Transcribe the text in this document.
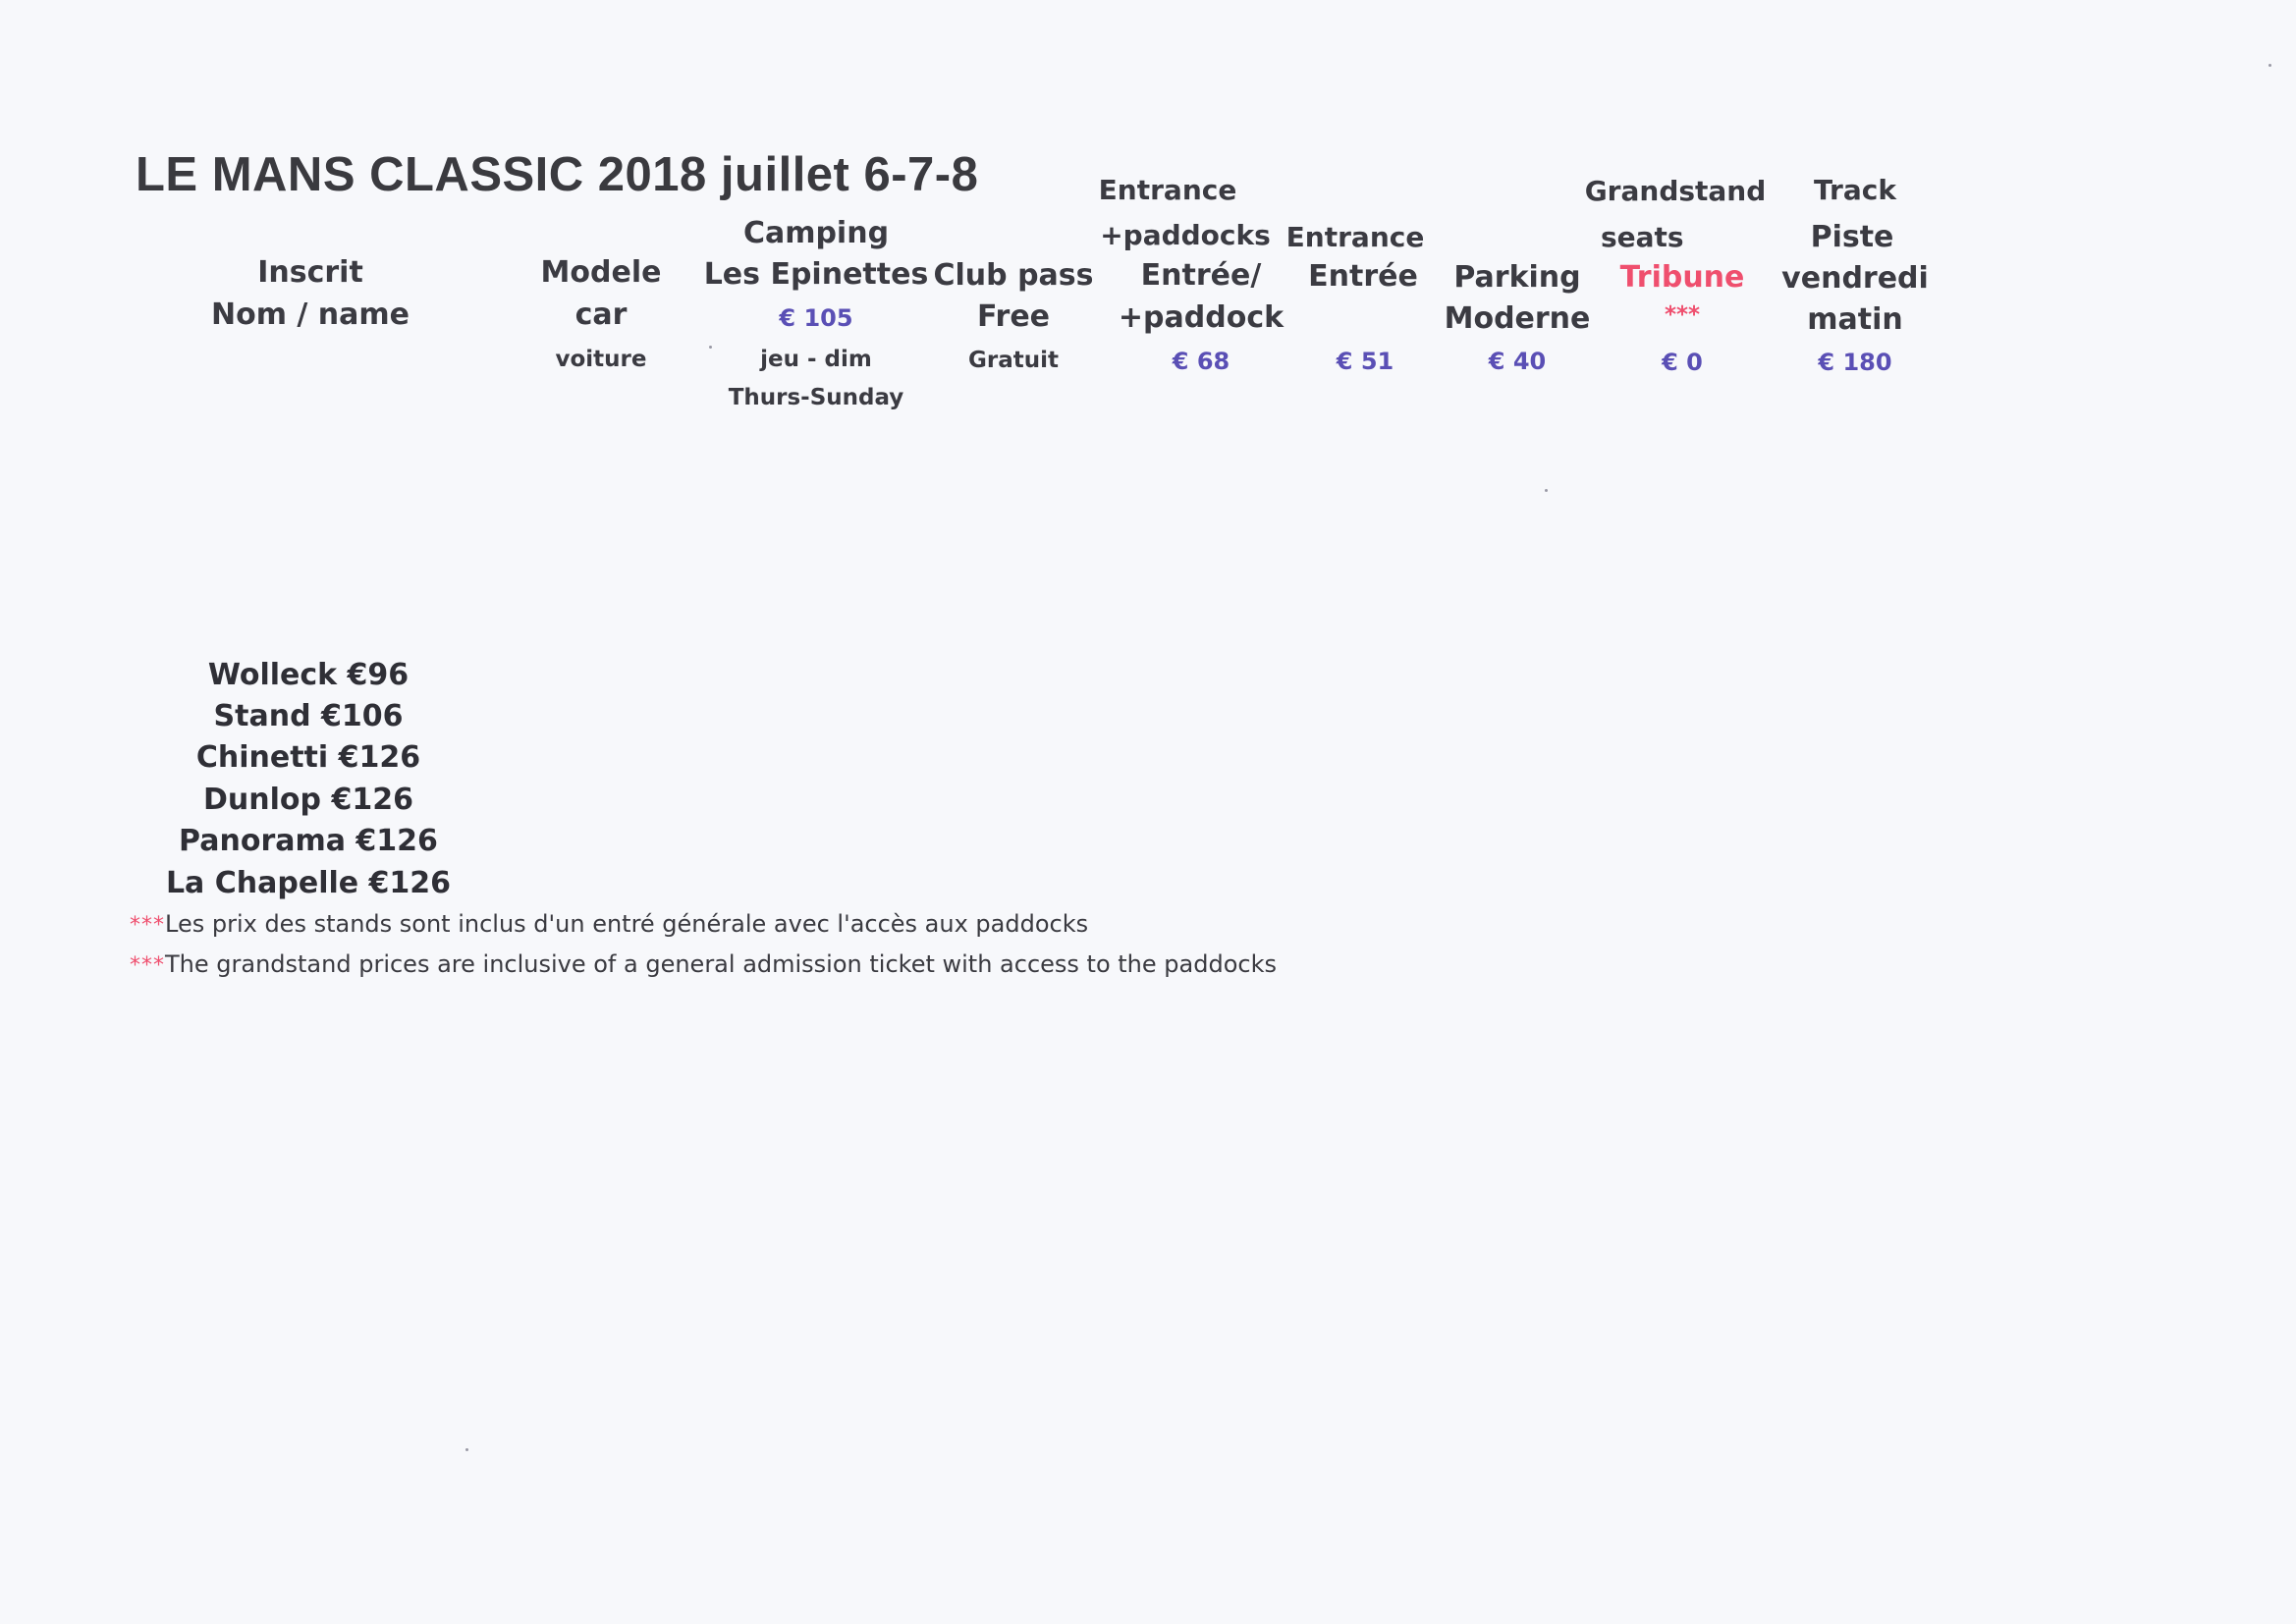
LE MANS CLASSIC 2018 juillet 6-7-8
Inscrit
Nom / name
Modele
car
voiture
Camping
Les Epinettes
€ 105
jeu - dim
Thurs-Sunday
Club pass
Free
Gratuit
Entrance
+paddocks
Entrée/
+paddock
€ 68
Entrance
Entrée
€ 51
Parking
Moderne
€ 40
Grandstand
seats
Tribune
***
€ 0
Track
Piste
vendredi
matin
€ 180
Wolleck €96
Stand €106
Chinetti €126
Dunlop €126
Panorama €126
La Chapelle €126
***Les prix des stands sont inclus d'un entré générale avec l'accès aux paddocks
***The grandstand prices are inclusive of a general admission ticket with access to the paddocks
